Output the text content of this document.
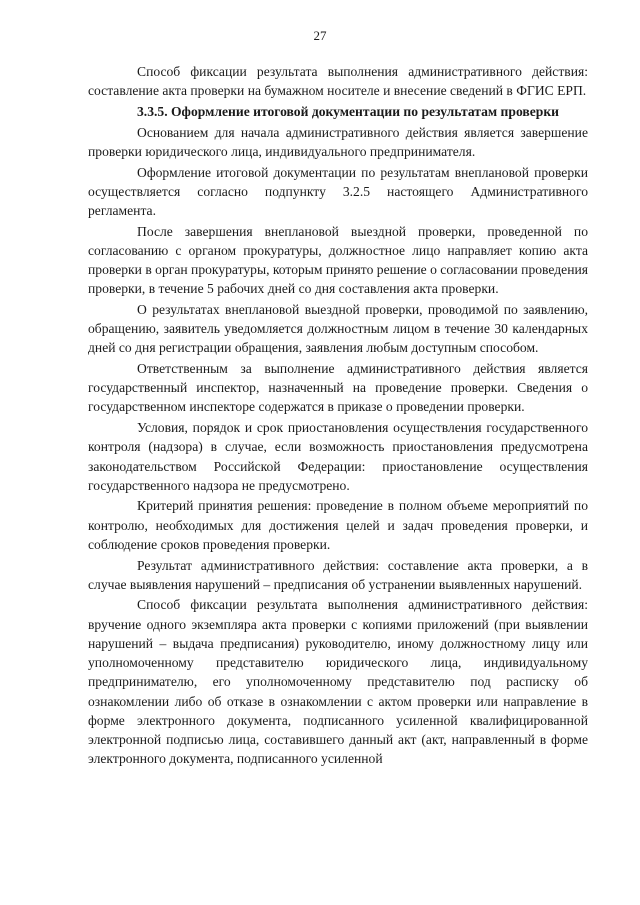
27

Способ фиксации результата выполнения административного действия: составление акта проверки на бумажном носителе и внесение сведений в ФГИС ЕРП.

3.3.5. Оформление итоговой документации по результатам проверки

Основанием для начала административного действия является завершение проверки юридического лица, индивидуального предпринимателя.

Оформление итоговой документации по результатам внеплановой проверки осуществляется согласно подпункту 3.2.5 настоящего Административного регламента.

После завершения внеплановой выездной проверки, проведенной по согласованию с органом прокуратуры, должностное лицо направляет копию акта проверки в орган прокуратуры, которым принято решение о согласовании проведения проверки, в течение 5 рабочих дней со дня составления акта проверки.

О результатах внеплановой выездной проверки, проводимой по заявлению, обращению, заявитель уведомляется должностным лицом в течение 30 календарных дней со дня регистрации обращения, заявления любым доступным способом.

Ответственным за выполнение административного действия является государственный инспектор, назначенный на проведение проверки. Сведения о государственном инспекторе содержатся в приказе о проведении проверки.

Условия, порядок и срок приостановления осуществления государственного контроля (надзора) в случае, если возможность приостановления предусмотрена законодательством Российской Федерации: приостановление осуществления государственного надзора не предусмотрено.

Критерий принятия решения: проведение в полном объеме мероприятий по контролю, необходимых для достижения целей и задач проведения проверки, и соблюдение сроков проведения проверки.

Результат административного действия: составление акта проверки, а в случае выявления нарушений – предписания об устранении выявленных нарушений.

Способ фиксации результата выполнения административного действия: вручение одного экземпляра акта проверки с копиями приложений (при выявлении нарушений – выдача предписания) руководителю, иному должностному лицу или уполномоченному представителю юридического лица, индивидуальному предпринимателю, его уполномоченному представителю под расписку об ознакомлении либо об отказе в ознакомлении с актом проверки или направление в форме электронного документа, подписанного усиленной квалифицированной электронной подписью лица, составившего данный акт (акт, направленный в форме электронного документа, подписанного усиленной
